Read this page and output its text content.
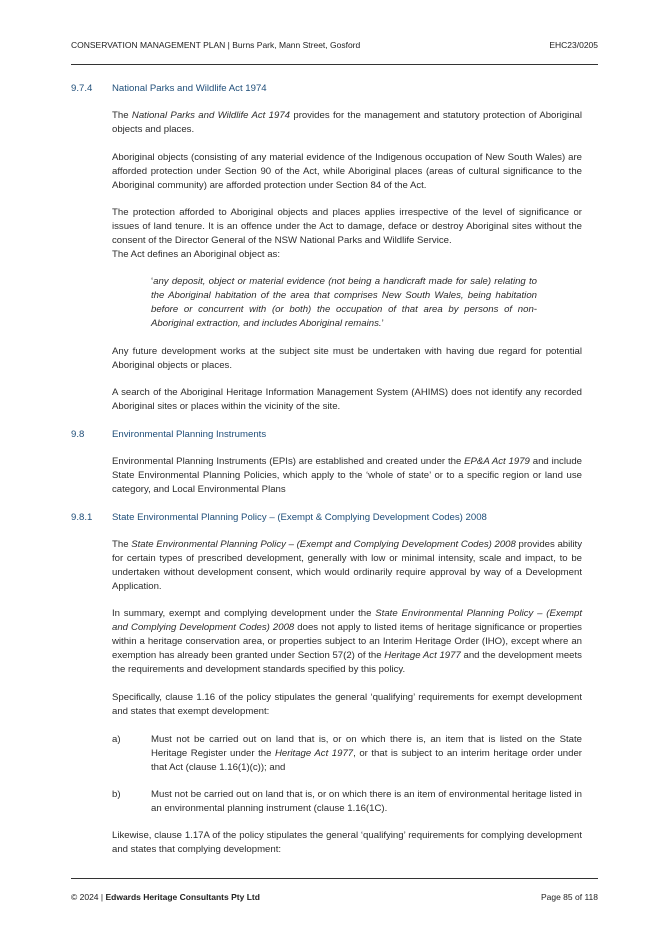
CONSERVATION MANAGEMENT PLAN | Burns Park, Mann Street, Gosford	EHC23/0205
9.7.4	National Parks and Wildlife Act 1974
The National Parks and Wildlife Act 1974 provides for the management and statutory protection of Aboriginal objects and places.
Aboriginal objects (consisting of any material evidence of the Indigenous occupation of New South Wales) are afforded protection under Section 90 of the Act, while Aboriginal places (areas of cultural significance to the Aboriginal community) are afforded protection under Section 84 of the Act.
The protection afforded to Aboriginal objects and places applies irrespective of the level of significance or issues of land tenure. It is an offence under the Act to damage, deface or destroy Aboriginal sites without the consent of the Director General of the NSW National Parks and Wildlife Service.
The Act defines an Aboriginal object as:
‘any deposit, object or material evidence (not being a handicraft made for sale) relating to the Aboriginal habitation of the area that comprises New South Wales, being habitation before or concurrent with (or both) the occupation of that area by persons of non-Aboriginal extraction, and includes Aboriginal remains.’
Any future development works at the subject site must be undertaken with having due regard for potential Aboriginal objects or places.
A search of the Aboriginal Heritage Information Management System (AHIMS) does not identify any recorded Aboriginal sites or places within the vicinity of the site.
9.8	Environmental Planning Instruments
Environmental Planning Instruments (EPIs) are established and created under the EP&A Act 1979 and include State Environmental Planning Policies, which apply to the ‘whole of state’ or to a specific region or land use category, and Local Environmental Plans
9.8.1	State Environmental Planning Policy – (Exempt & Complying Development Codes) 2008
The State Environmental Planning Policy – (Exempt and Complying Development Codes) 2008 provides ability for certain types of prescribed development, generally with low or minimal intensity, scale and impact, to be undertaken without development consent, which would ordinarily require approval by way of a Development Application.
In summary, exempt and complying development under the State Environmental Planning Policy – (Exempt and Complying Development Codes) 2008 does not apply to listed items of heritage significance or properties within a heritage conservation area, or properties subject to an Interim Heritage Order (IHO), except where an exemption has already been granted under Section 57(2) of the Heritage Act 1977 and the development meets the requirements and development standards specified by this policy.
Specifically, clause 1.16 of the policy stipulates the general ‘qualifying’ requirements for exempt development and states that exempt development:
a)	Must not be carried out on land that is, or on which there is, an item that is listed on the State Heritage Register under the Heritage Act 1977, or that is subject to an interim heritage order under that Act (clause 1.16(1)(c)); and
b)	Must not be carried out on land that is, or on which there is an item of environmental heritage listed in an environmental planning instrument (clause 1.16(1C).
Likewise, clause 1.17A of the policy stipulates the general ‘qualifying’ requirements for complying development and states that complying development:
© 2024 | Edwards Heritage Consultants Pty Ltd	Page 85 of 118
